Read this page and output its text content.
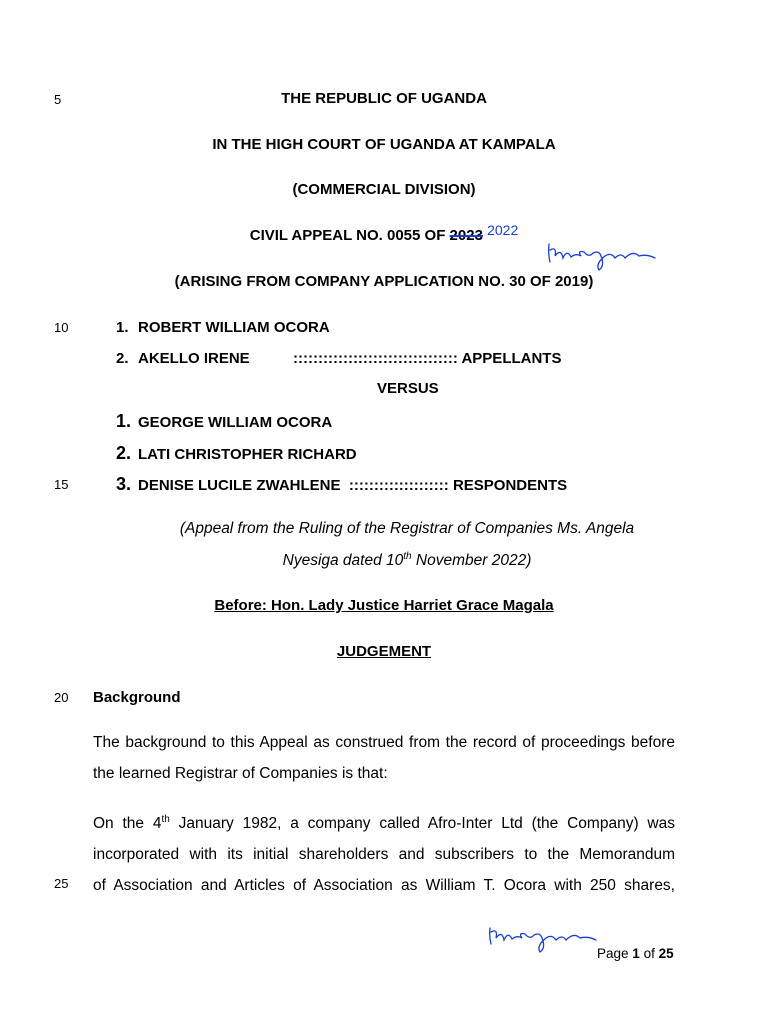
5
10
15
20
25
THE REPUBLIC OF UGANDA
IN THE HIGH COURT OF UGANDA AT KAMPALA
(COMMERCIAL DIVISION)
CIVIL APPEAL NO. 0055 OF 2023 2022
(ARISING FROM COMPANY APPLICATION NO. 30 OF 2019)
1. ROBERT WILLIAM OCORA
2. AKELLO IRENE	::::::::::::::::::::::::::::::::: APPELLANTS
VERSUS
1. GEORGE WILLIAM OCORA
2. LATI CHRISTOPHER RICHARD
3. DENISE LUCILE ZWAHLENE :::::::::::::::::::: RESPONDENTS
(Appeal from the Ruling of the Registrar of Companies Ms. Angela
Nyesiga dated 10th November 2022)
Before: Hon. Lady Justice Harriet Grace Magala
JUDGEMENT
Background
The background to this Appeal as construed from the record of proceedings before the learned Registrar of Companies is that:
On the 4th January 1982, a company called Afro-Inter Ltd (the Company) was
incorporated with its initial shareholders and subscribers to the Memorandum
of Association and Articles of Association as William T. Ocora with 250 shares,
Page 1 of 25
